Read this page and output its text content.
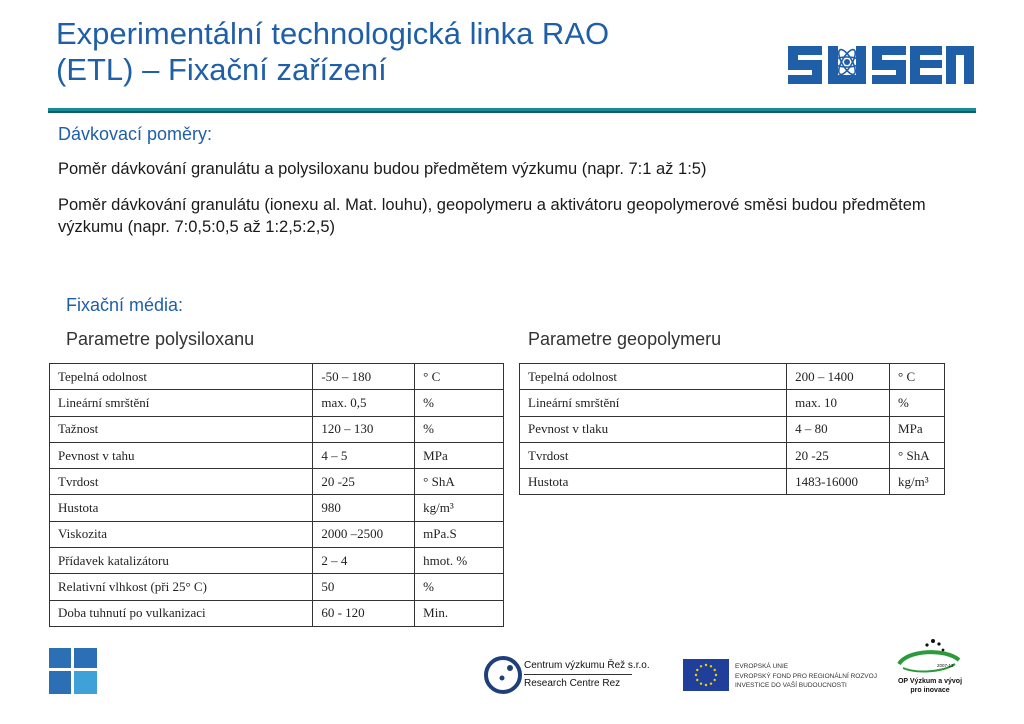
Experimentální technologická linka RAO
(ETL) – Fixační zařízení
Dávkovací poměry:
Poměr dávkování granulátu a polysiloxanu budou předmětem výzkumu (napr. 7:1 až 1:5)
Poměr dávkování granulátu (ionexu al. Mat. louhu), geopolymeru a aktivátoru geopolymerové směsi budou předmětem výzkumu (napr. 7:0,5:0,5 až 1:2,5:2,5)
Fixační média:
Parametre polysiloxanu	Parametre geopolymeru
Tepelná odolnost	-50 – 180	° C
Lineární smrštění	max. 0,5	%
Tažnost	120 – 130	%
Pevnost v tahu	4 – 5	MPa
Tvrdost	20 -25	° ShA
Hustota	980	kg/m³
Viskozita	2000 –2500	mPa.S
Přídavek katalizátoru	2 – 4	hmot. %
Relativní vlhkost (při 25° C)	50	%
Doba tuhnutí po vulkanizaci	60 - 120	Min.
Tepelná odolnost	200 – 1400	° C
Lineární smrštění	max. 10	%
Pevnost v tlaku	4 – 80	MPa
Tvrdost	20 -25	° ShA
Hustota	1483-16000	kg/m³
Centrum výzkumu Řež s.r.o.
Research Centre Rez
EVROPSKÁ UNIE
EVROPSKÝ FOND PRO REGIONÁLNÍ ROZVOJ
INVESTICE DO VAŠÍ BUDOUCNOSTI
2007-13
OP Výzkum a vývoj
pro inovace
